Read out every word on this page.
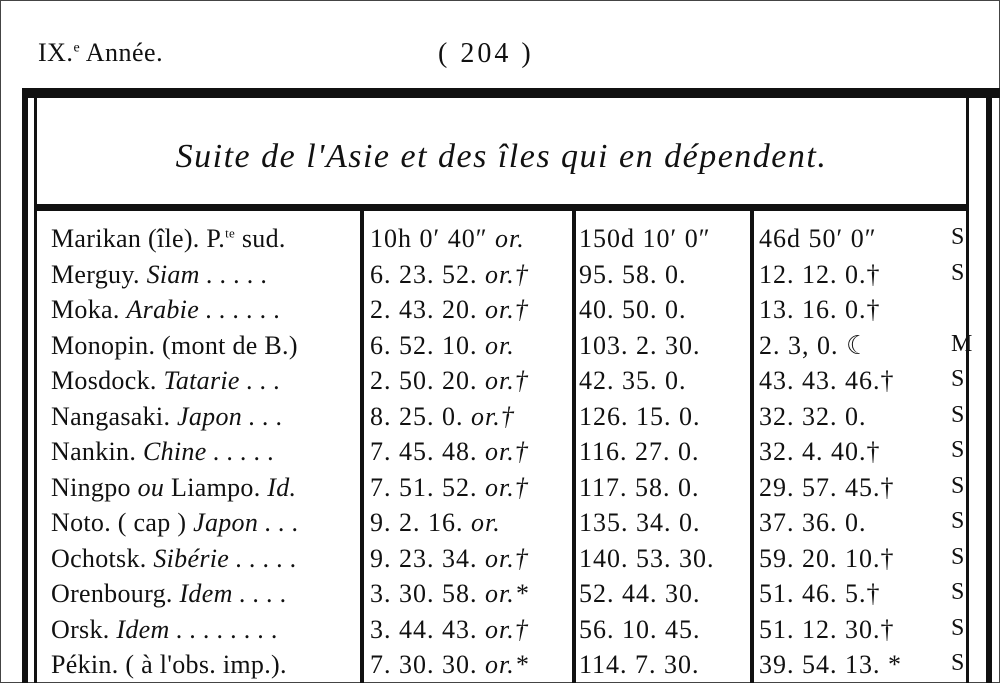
IX.$^e$ Année.	( 204 )
Suite de l'Asie et des îles qui en dépendent.
Marikan (île). P.$^{te}$ sud.	10h 0′ 40″ or.	150d 10′ 0″	46d 50′ 0″	S
Merguy. Siam . . . . .	6. 23. 52. or.†	95. 58. 0.	12. 12. 0.†	S
Moka. Arabie . . . . . .	2. 43. 20. or.†	40. 50. 0.	13. 16. 0.†
Monopin. (mont de B.)	6. 52. 10. or.	103. 2. 30.	2. 3, 0. ☾	M
Mosdock. Tatarie . . .	2. 50. 20. or.†	42. 35. 0.	43. 43. 46.†	S
Nangasaki. Japon . . .	8. 25. 0. or.†	126. 15. 0.	32. 32. 0.	S
Nankin. Chine . . . . .	7. 45. 48. or.†	116. 27. 0.	32. 4. 40.†	S
Ningpo ou Liampo. Id.	7. 51. 52. or.†	117. 58. 0.	29. 57. 45.†	S
Noto. ( cap ) Japon . . .	9. 2. 16. or.	135. 34. 0.	37. 36. 0.	S
Ochotsk. Sibérie . . . . .	9. 23. 34. or.†	140. 53. 30.	59. 20. 10.†	S
Orenbourg. Idem . . . .	3. 30. 58. or.*	52. 44. 30.	51. 46. 5.†	S
Orsk. Idem . . . . . . . .	3. 44. 43. or.†	56. 10. 45.	51. 12. 30.†	S
Pékin. ( à l'obs. imp.).	7. 30. 30. or.*	114. 7. 30.	39. 54. 13. *	S
